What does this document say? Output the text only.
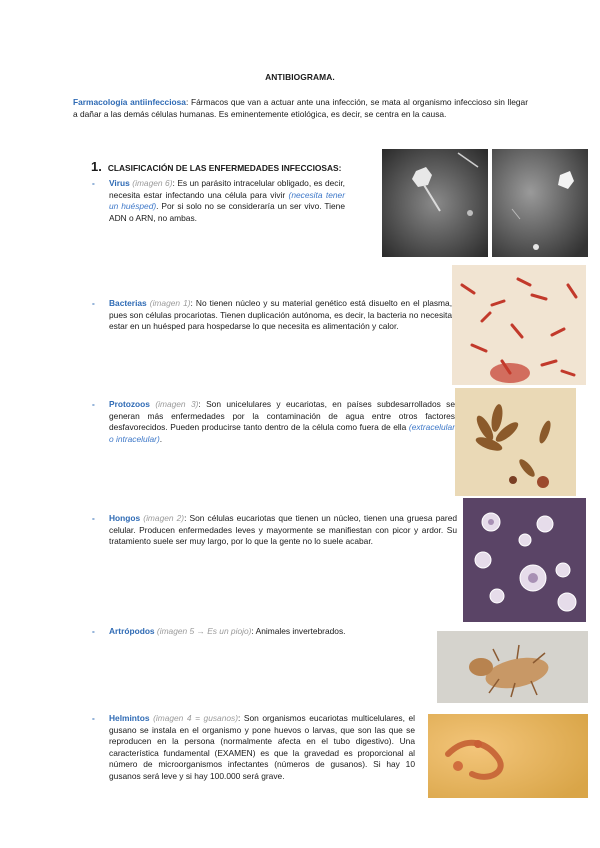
ANTIBIOGRAMA.
Farmacología antiinfecciosa: Fármacos que van a actuar ante una infección, se mata al organismo infeccioso sin llegar a dañar a las demás células humanas. Es eminentemente etiológica, es decir, se centra en la causa.
1. CLASIFICACIÓN DE LAS ENFERMEDADES INFECCIOSAS:
- Virus (imagen 6): Es un parásito intracelular obligado, es decir, necesita estar infectando una célula para vivir (necesita tener un huésped). Por si solo no se consideraría un ser vivo. Tiene ADN o ARN, no ambas.
- Bacterias (imagen 1): No tienen núcleo y su material genético está disuelto en el plasma, pues son células procariotas. Tienen duplicación autónoma, es decir, la bacteria no necesita estar en un huésped para hospedarse lo que necesita es alimentación y calor.
- Protozoos (imagen 3): Son unicelulares y eucariotas, en países subdesarrollados se generan más enfermedades por la contaminación de agua entre otros factores desfavorecidos. Pueden producirse tanto dentro de la célula como fuera de ella (extracelular o intracelular).
- Hongos (imagen 2): Son células eucariotas que tienen un núcleo, tienen una gruesa pared celular. Producen enfermedades leves y mayormente se manifiestan con picor y ardor. Su tratamiento suele ser muy largo, por lo que la gente no lo suele acabar.
- Artrópodos (imagen 5 → Es un piojo): Animales invertebrados.
- Helmintos (imagen 4 = gusanos): Son organismos eucariotas multicelulares, el gusano se instala en el organismo y pone huevos o larvas, que son las que se reproducen en la persona (normalmente afecta en el tubo digestivo). Una característica fundamental (EXAMEN) es que la gravedad es proporcional al número de microorganismos infectantes (números de gusanos). Si hay 10 gusanos será leve y si hay 100.000 será grave.
